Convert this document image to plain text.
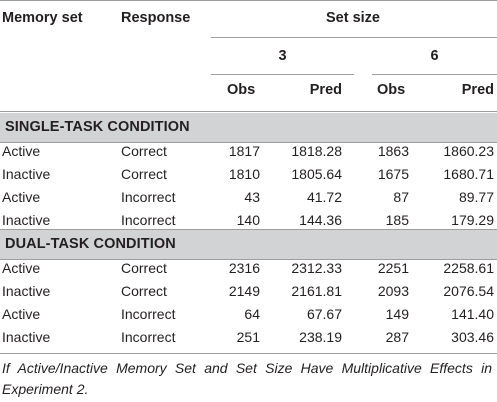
Memory set	Response	Set size
3	6
Obs	Pred Obs	Pred
SINGLE-TASK CONDITION
Active	Correct	1817	1818.28	1863	1860.23
Inactive	Correct	1810	1805.64	1675	1680.71
Active	Incorrect	43	41.72	87	89.77
Inactive	Incorrect	140	144.36	185	179.29
DUAL-TASK CONDITION
Active	Correct	2316	2312.33	2251	2258.61
Inactive	Correct	2149	2161.81	2093	2076.54
Active	Incorrect	64	67.67	149	141.40
Inactive	Incorrect	251	238.19	287	303.46
If Active/Inactive Memory Set and Set Size Have Multiplicative Effects in Experiment 2.
